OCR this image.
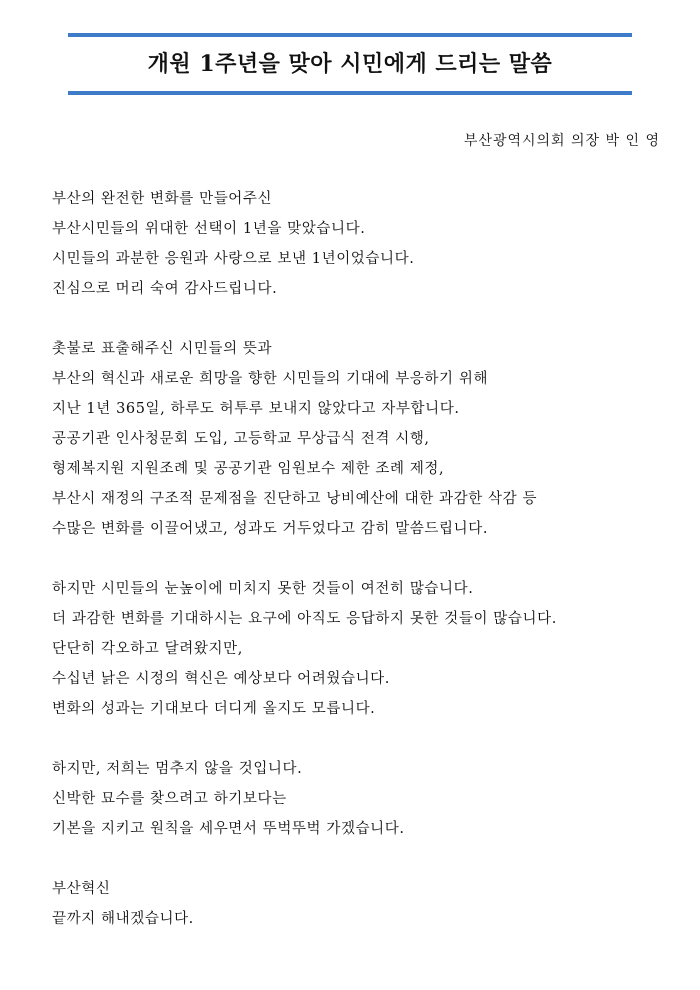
개원 1주년을 맞아 시민에게 드리는 말씀
부산광역시의회 의장 박 인 영
부산의 완전한 변화를 만들어주신
부산시민들의 위대한 선택이 1년을 맞았습니다.
시민들의 과분한 응원과 사랑으로 보낸 1년이었습니다.
진심으로 머리 숙여 감사드립니다.
촛불로 표출해주신 시민들의 뜻과
부산의 혁신과 새로운 희망을 향한 시민들의 기대에 부응하기 위해
지난 1년 365일, 하루도 허투루 보내지 않았다고 자부합니다.
공공기관 인사청문회 도입, 고등학교 무상급식 전격 시행,
형제복지원 지원조례 및 공공기관 임원보수 제한 조례 제정,
부산시 재정의 구조적 문제점을 진단하고 낭비예산에 대한 과감한 삭감 등
수많은 변화를 이끌어냈고, 성과도 거두었다고 감히 말씀드립니다.
하지만 시민들의 눈높이에 미치지 못한 것들이 여전히 많습니다.
더 과감한 변화를 기대하시는 요구에 아직도 응답하지 못한 것들이 많습니다.
단단히 각오하고 달려왔지만,
수십년 낡은 시정의 혁신은 예상보다 어려웠습니다.
변화의 성과는 기대보다 더디게 올지도 모릅니다.
하지만, 저희는 멈추지 않을 것입니다.
신박한 묘수를 찾으려고 하기보다는
기본을 지키고 원칙을 세우면서 뚜벅뚜벅 가겠습니다.
부산혁신
끝까지 해내겠습니다.
